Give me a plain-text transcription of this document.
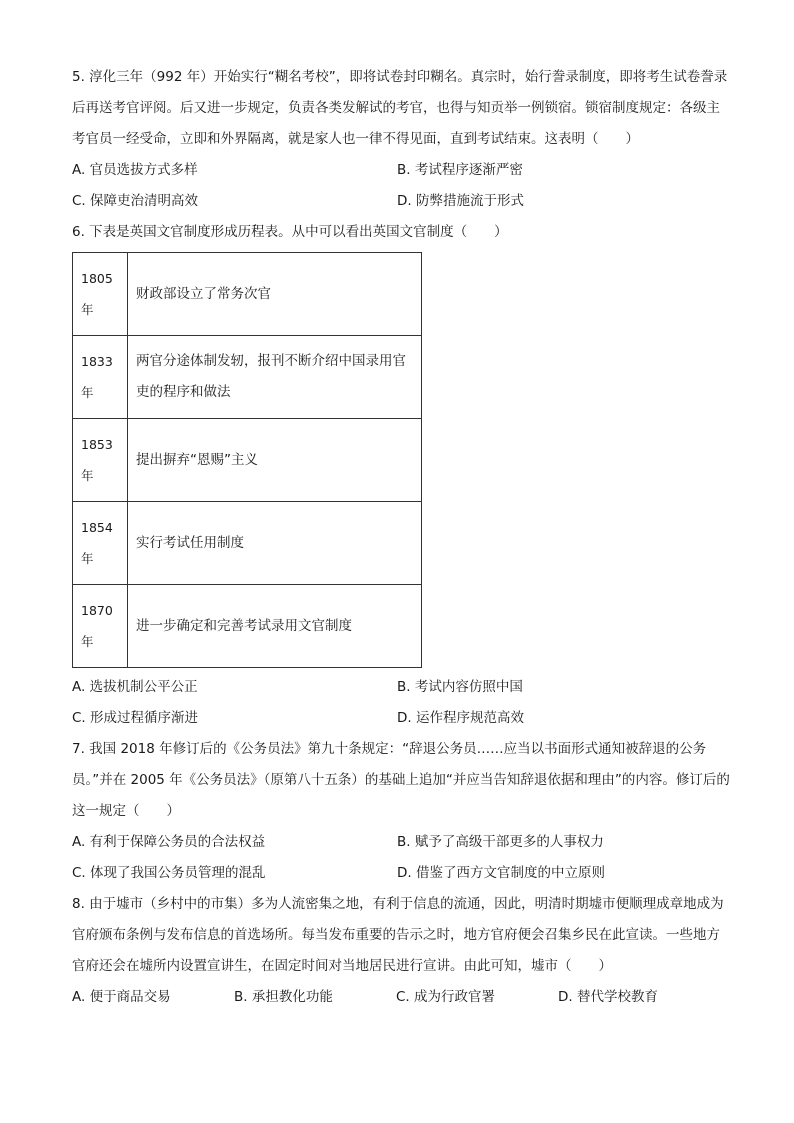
5. 淳化三年（992 年）开始实行“糊名考校”，即将试卷封印糊名。真宗时，始行誊录制度，即将考生试卷誊录后再送考官评阅。后又进一步规定，负责各类发解试的考官，也得与知贡举一例锁宿。锁宿制度规定：各级主考官员一经受命，立即和外界隔离，就是家人也一律不得见面，直到考试结束。这表明（　　）

A. 官员选拔方式多样	B. 考试程序逐渐严密
C. 保障吏治清明高效	D. 防弊措施流于形式

6. 下表是英国文官制度形成历程表。从中可以看出英国文官制度（　　）

1805
年	财政部设立了常务次官
1833
年	两官分途体制发轫，报刊不断介绍中国录用官吏的程序和做法
1853
年	提出摒弃“恩赐”主义
1854
年	实行考试任用制度
1870
年	进一步确定和完善考试录用文官制度
A. 选拔机制公平公正	B. 考试内容仿照中国
C. 形成过程循序渐进	D. 运作程序规范高效

7. 我国 2018 年修订后的《公务员法》第九十条规定：“辞退公务员……应当以书面形式通知被辞退的公务员。”并在 2005 年《公务员法》（原第八十五条）的基础上追加“并应当告知辞退依据和理由”的内容。修订后的这一规定（　　）

A. 有利于保障公务员的合法权益	B. 赋予了高级干部更多的人事权力
C. 体现了我国公务员管理的混乱	D. 借鉴了西方文官制度的中立原则

8. 由于墟市（乡村中的市集）多为人流密集之地，有利于信息的流通，因此，明清时期墟市便顺理成章地成为官府颁布条例与发布信息的首选场所。每当发布重要的告示之时，地方官府便会召集乡民在此宣读。一些地方官府还会在墟所内设置宣讲生，在固定时间对当地居民进行宣讲。由此可知，墟市（　　）

A. 便于商品交易	B. 承担教化功能	C. 成为行政官署	D. 替代学校教育
